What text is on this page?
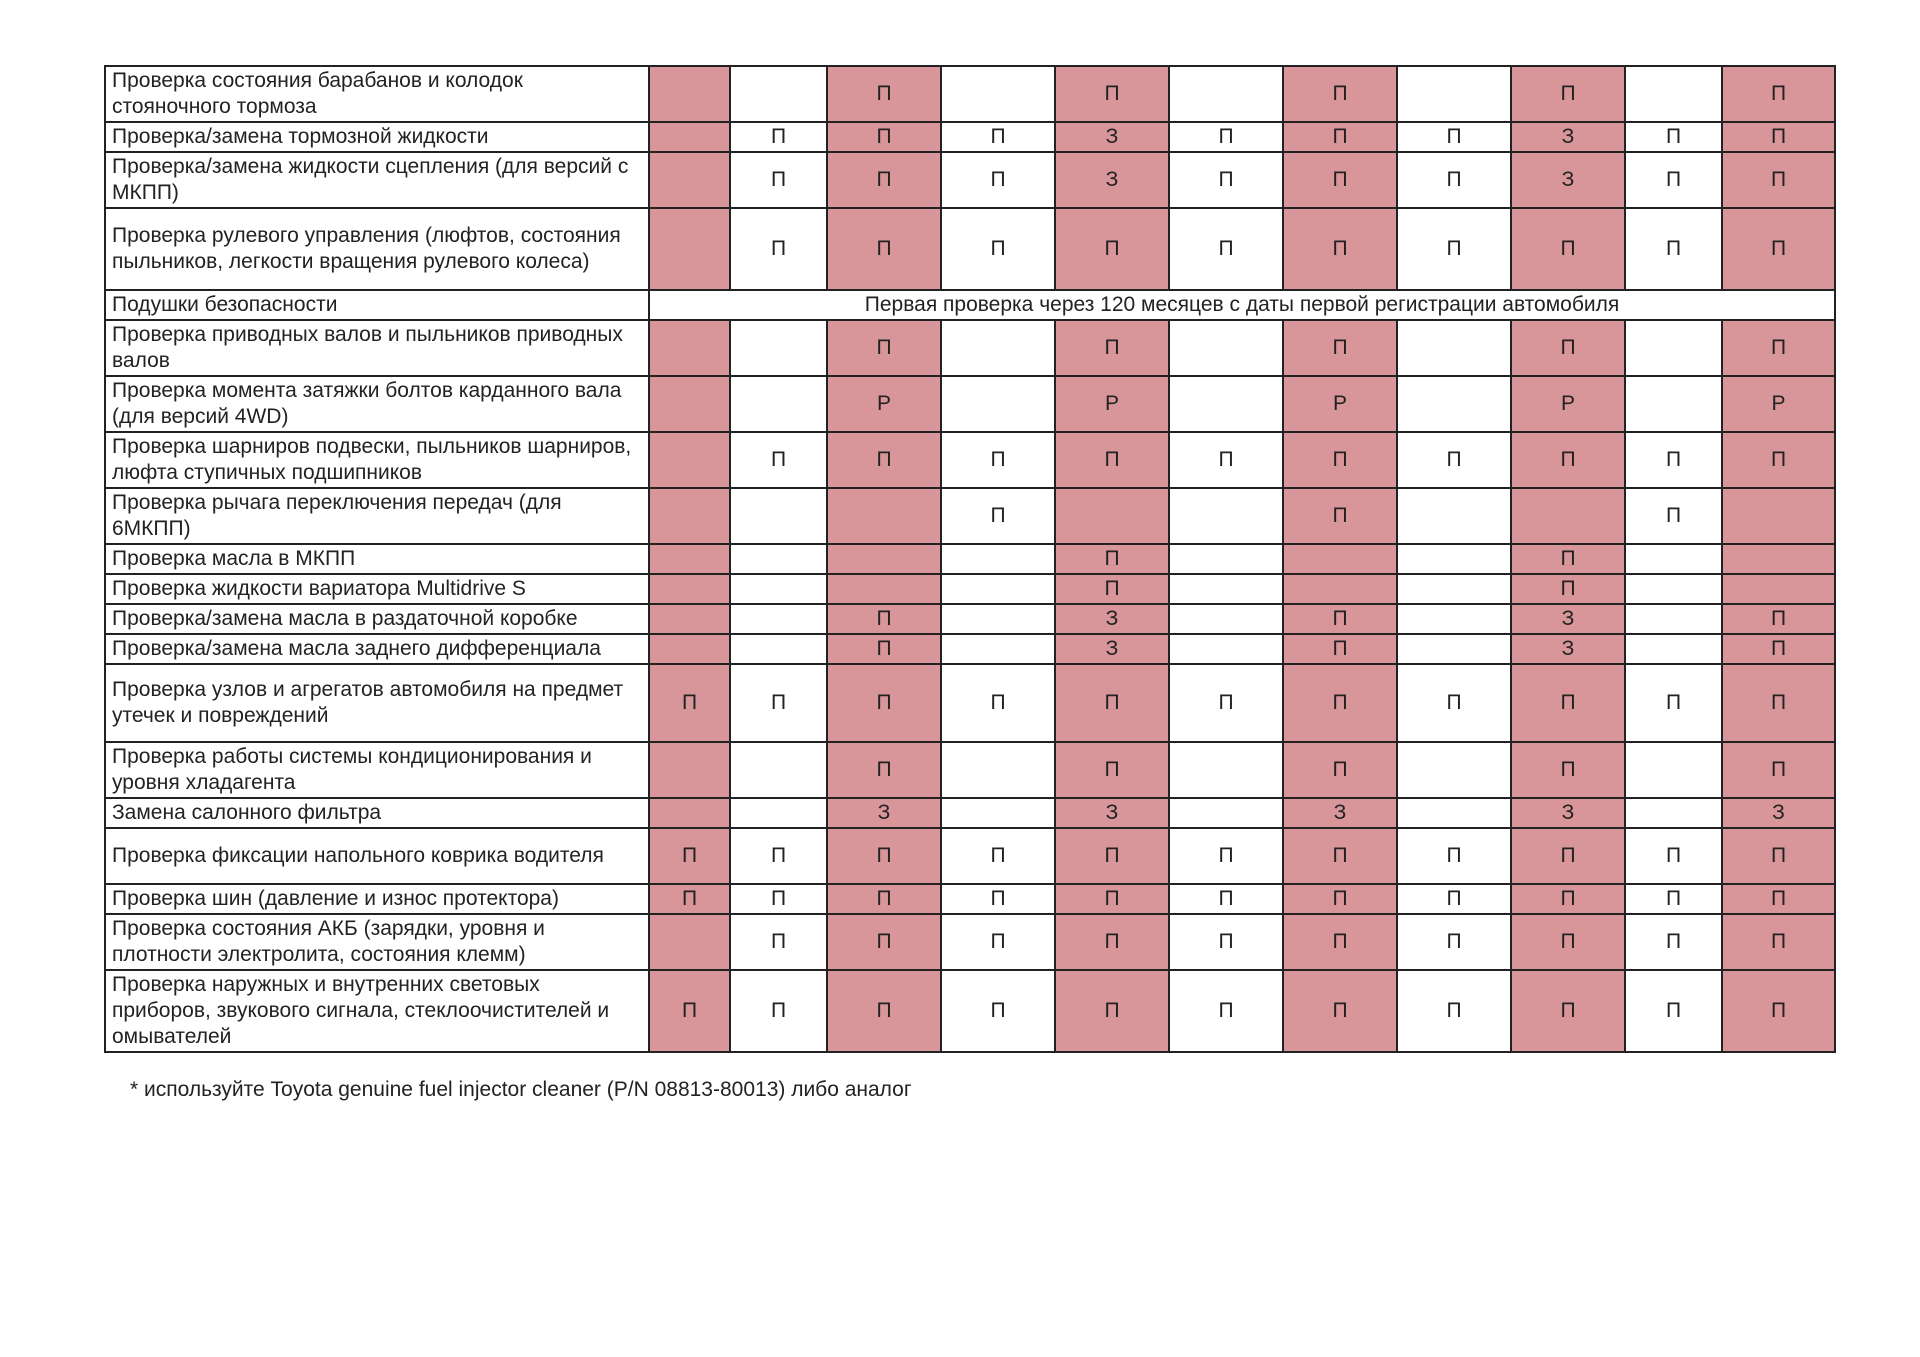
Проверка состояния барабанов и колодок стояночного тормоза			П		П		П		П		П
Проверка/замена тормозной жидкости		П	П	П	З	П	П	П	З	П	П
Проверка/замена жидкости сцепления (для версий с МКПП)		П	П	П	З	П	П	П	З	П	П
Проверка рулевого управления (люфтов, состояния пыльников, легкости вращения рулевого колеса)		П	П	П	П	П	П	П	П	П	П
Подушки безопасности	Первая проверка через 120 месяцев с даты первой регистрации автомобиля										
Проверка приводных валов и пыльников приводных валов			П		П		П		П		П
Проверка момента затяжки болтов карданного вала (для версий 4WD)			Р		Р		Р		Р		Р
Проверка шарниров подвески, пыльников шарниров, люфта ступичных подшипников		П	П	П	П	П	П	П	П	П	П
Проверка рычага переключения передач (для 6МКПП)				П			П			П	
Проверка масла в МКПП					П				П		
Проверка жидкости вариатора Multidrive S					П				П		
Проверка/замена масла в раздаточной коробке			П		З		П		З		П
Проверка/замена масла заднего дифференциала			П		З		П		З		П
Проверка узлов и агрегатов автомобиля на предмет утечек и повреждений	П	П	П	П	П	П	П	П	П	П	П
Проверка работы системы кондиционирования и уровня хладагента			П		П		П		П		П
Замена салонного фильтра			З		З		З		З		З
Проверка фиксации напольного коврика водителя	П	П	П	П	П	П	П	П	П	П	П
Проверка шин (давление и износ протектора)	П	П	П	П	П	П	П	П	П	П	П
Проверка состояния АКБ (зарядки, уровня и плотности электролита, состояния клемм)		П	П	П	П	П	П	П	П	П	П
Проверка наружных и внутренних световых приборов, звукового сигнала, стеклоочистителей и омывателей	П	П	П	П	П	П	П	П	П	П	П
* используйте Toyota genuine fuel injector cleaner (P/N 08813-80013) либо аналог
